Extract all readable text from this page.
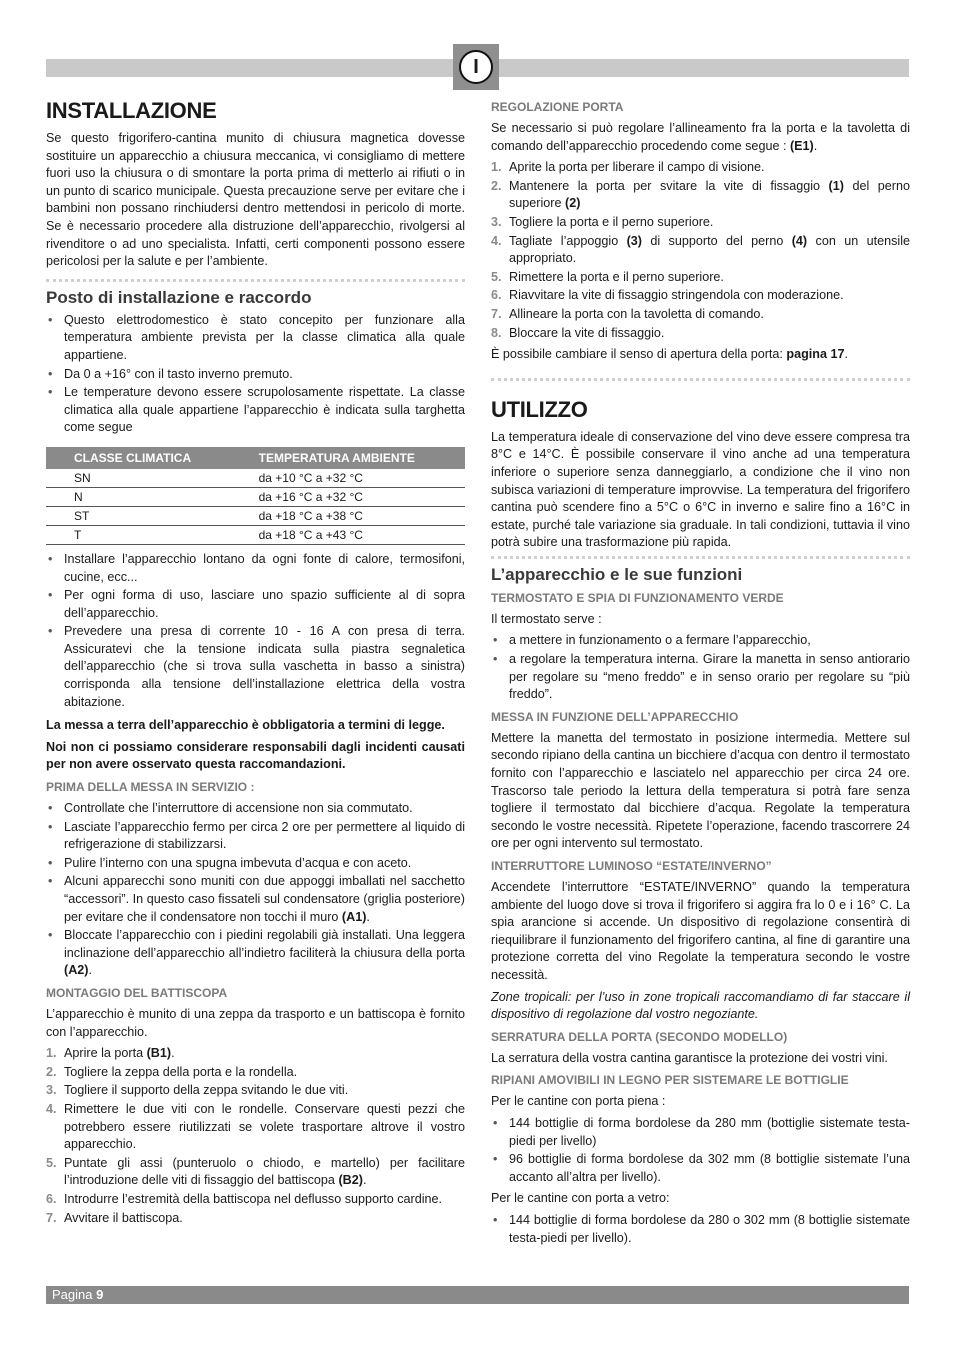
I
INSTALLAZIONE

Se questo frigorifero-cantina munito di chiusura magnetica dovesse sostituire un apparecchio a chiusura meccanica, vi consigliamo di mettere fuori uso la chiusura o di smontare la porta prima di metterlo ai rifiuti o in un punto di scarico municipale. Questa precauzione serve per evitare che i bambini non possano rinchiudersi dentro mettendosi in pericolo di morte. Se è necessario procedere alla distruzione dell’apparecchio, rivolgersi al rivenditore o ad uno specialista. Infatti, certi componenti possono essere pericolosi per la salute e per l’ambiente.

Posto di installazione e raccordo
• Questo elettrodomestico è stato concepito per funzionare alla temperatura ambiente prevista per la classe climatica alla quale appartiene.
• Da 0 a +16° con il tasto inverno premuto.
• Le temperature devono essere scrupolosamente rispettate. La classe climatica alla quale appartiene l’apparecchio è indicata sulla targhetta come segue
CLASSE CLIMATICA	TEMPERATURA AMBIENTE
SN	da +10 °C a +32 °C
N	da +16 °C a +32 °C
ST	da +18 °C a +38 °C
T	da +18 °C a +43 °C
• Installare l’apparecchio lontano da ogni fonte di calore, termosifoni, cucine, ecc...
• Per ogni forma di uso, lasciare uno spazio sufficiente al di sopra dell’apparecchio.
• Prevedere una presa di corrente 10 - 16 A con presa di terra. Assicuratevi che la tensione indicata sulla piastra segnaletica dell’apparecchio (che si trova sulla vaschetta in basso a sinistra) corrisponda alla tensione dell’installazione elettrica della vostra abitazione.

La messa a terra dell’apparecchio è obbligatoria a termini di legge.

Noi non ci possiamo considerare responsabili dagli incidenti causati per non avere osservato questa raccomandazioni.

PRIMA DELLA MESSA IN SERVIZIO :
• Controllate che l’interruttore di accensione non sia commutato.
• Lasciate l’apparecchio fermo per circa 2 ore per permettere al liquido di refrigerazione di stabilizzarsi.
• Pulire l’interno con una spugna imbevuta d’acqua e con aceto.
• Alcuni apparecchi sono muniti con due appoggi imballati nel sacchetto “accessori”. In questo caso fissateli sul condensatore (griglia posteriore) per evitare che il condensatore non tocchi il muro (A1).
• Bloccate l’apparecchio con i piedini regolabili già installati. Una leggera inclinazione dell’apparecchio all’indietro faciliterà la chiusura della porta (A2).
MONTAGGIO DEL BATTISCOPA

L’apparecchio è munito di una zeppa da trasporto e un battiscopa è fornito con l’apparecchio.

1. Aprire la porta (B1).
2. Togliere la zeppa della porta e la rondella.
3. Togliere il supporto della zeppa svitando le due viti.
4. Rimettere le due viti con le rondelle. Conservare questi pezzi che potrebbero essere riutilizzati se volete trasportare altrove il vostro apparecchio.
5. Puntate gli assi (punteruolo o chiodo, e martello) per facilitare l’introduzione delle viti di fissaggio del battiscopa (B2).
6. Introdurre l’estremità della battiscopa nel deflusso supporto cardine.
7. Avvitare il battiscopa.
REGOLAZIONE PORTA

Se necessario si può regolare l’allineamento fra la porta e la tavoletta di comando dell’apparecchio procedendo come segue : (E1).

1. Aprite la porta per liberare il campo di visione.
2. Mantenere la porta per svitare la vite di fissaggio (1) del perno superiore (2)
3. Togliere la porta e il perno superiore.
4. Tagliate l’appoggio (3) di supporto del perno (4) con un utensile appropriato.
5. Rimettere la porta e il perno superiore.
6. Riavvitare la vite di fissaggio stringendola con moderazione.
7. Allineare la porta con la tavoletta di comando.
8. Bloccare la vite di fissaggio.

È possibile cambiare il senso di apertura della porta: pagina 17.

UTILIZZO

La temperatura ideale di conservazione del vino deve essere compresa tra 8°C e 14°C. È possibile conservare il vino anche ad una temperatura inferiore o superiore senza danneggiarlo, a condizione che il vino non subisca variazioni di temperature improvvise. La temperatura del frigorifero cantina può scendere fino a 5°C o 6°C in inverno e salire fino a 16°C in estate, purché tale variazione sia graduale. In tali condizioni, tuttavia il vino potrà subire una trasformazione più rapida.

L’apparecchio e le sue funzioni
TERMOSTATO E SPIA DI FUNZIONAMENTO VERDE

Il termostato serve :

• a mettere in funzionamento o a fermare l’apparecchio,
• a regolare la temperatura interna. Girare la manetta in senso antiorario per regolare su “meno freddo” e in senso orario per regolare su “più freddo”.
MESSA IN FUNZIONE DELL’APPARECCHIO

Mettere la manetta del termostato in posizione intermedia. Mettere sul secondo ripiano della cantina un bicchiere d’acqua con dentro il termostato fornito con l’apparecchio e lasciatelo nel apparecchio per circa 24 ore. Trascorso tale periodo la lettura della temperatura si potrà fare senza togliere il termostato dal bicchiere d’acqua. Regolate la temperatura secondo le vostre necessità. Ripetete l’operazione, facendo trascorrere 24 ore per ogni intervento sul termostato.

INTERRUTTORE LUMINOSO “ESTATE/INVERNO”

Accendete l’interruttore “ESTATE/INVERNO” quando la temperatura ambiente del luogo dove si trova il frigorifero si aggira fra lo 0 e i 16° C. La spia arancione si accende. Un dispositivo di regolazione consentirà di riequilibrare il funzionamento del frigorifero cantina, al fine di garantire una protezione corretta del vino Regolate la temperatura secondo le vostre necessità.

Zone tropicali: per l’uso in zone tropicali raccomandiamo di far staccare il dispositivo di regolazione dal vostro negoziante.

SERRATURA DELLA PORTA (SECONDO MODELLO)

La serratura della vostra cantina garantisce la protezione dei vostri vini.

RIPIANI AMOVIBILI IN LEGNO PER SISTEMARE LE BOTTIGLIE

Per le cantine con porta piena :

• 144 bottiglie di forma bordolese da 280 mm (bottiglie sistemate testa-piedi per livello)
• 96 bottiglie di forma bordolese da 302 mm (8 bottiglie sistemate l’una accanto all’altra per livello).

Per le cantine con porta a vetro:

• 144 bottiglie di forma bordolese da 280 o 302 mm (8 bottiglie sistemate testa-piedi per livello).
Pagina 9
